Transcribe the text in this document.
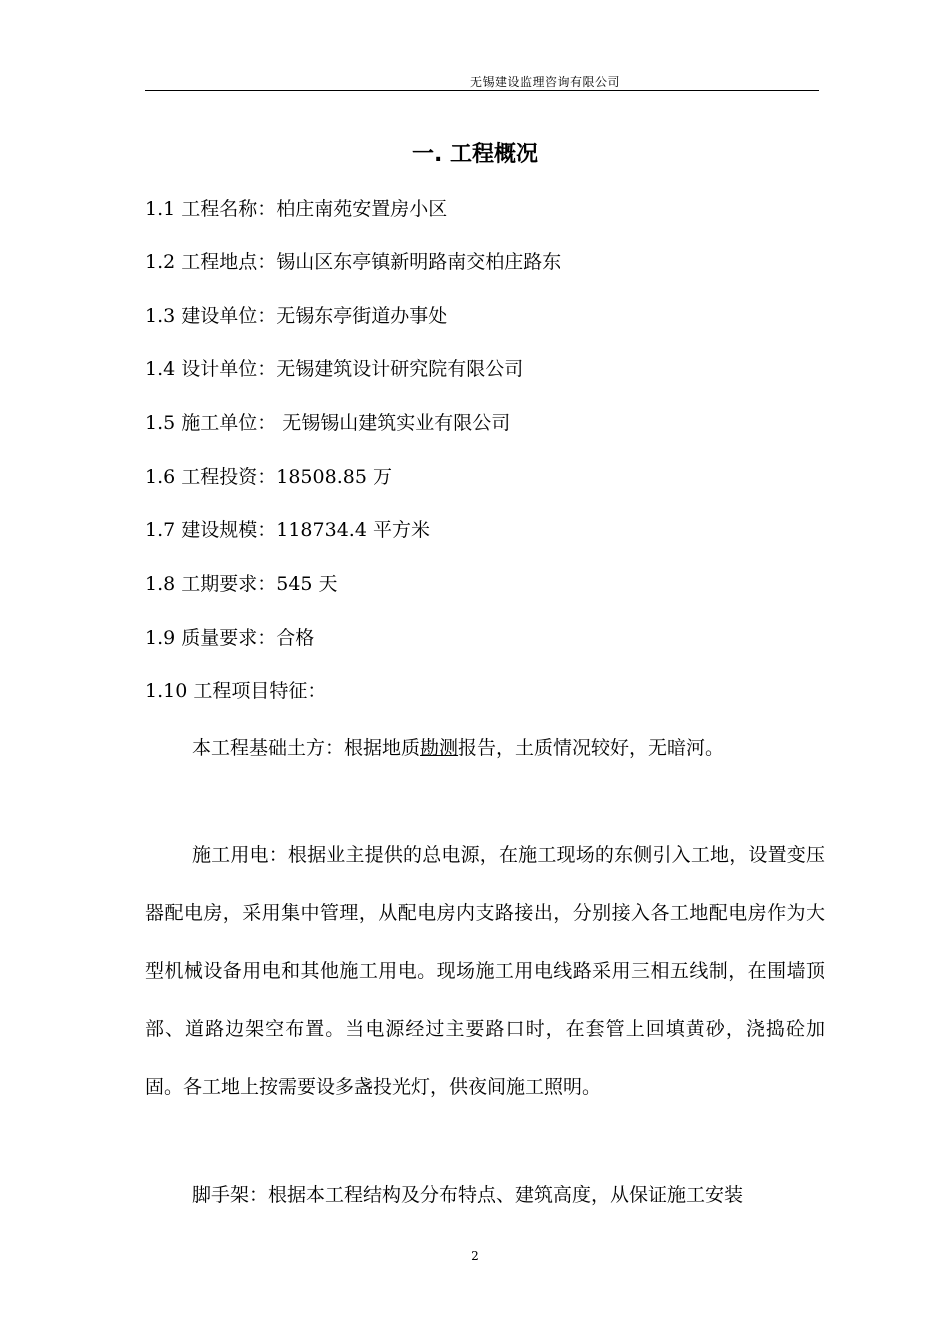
无锡建设监理咨询有限公司
一. 工程概况
1.1 工程名称：柏庄南苑安置房小区
1.2 工程地点：锡山区东亭镇新明路南交柏庄路东
1.3 建设单位：无锡东亭街道办事处
1.4 设计单位：无锡建筑设计研究院有限公司
1.5 施工单位： 无锡锡山建筑实业有限公司
1.6 工程投资：18508.85 万
1.7 建设规模：118734.4 平方米
1.8 工期要求：545 天
1.9 质量要求：合格
1.10 工程项目特征：

本工程基础土方：根据地质勘测报告，土质情况较好，无暗河。

施工用电：根据业主提供的总电源，在施工现场的东侧引入工地，设置变压器配电房，采用集中管理，从配电房内支路接出，分别接入各工地配电房作为大型机械设备用电和其他施工用电。现场施工用电线路采用三相五线制，在围墙顶部、道路边架空布置。当电源经过主要路口时，在套管上回填黄砂，浇捣砼加固。各工地上按需要设多盏投光灯，供夜间施工照明。

脚手架：根据本工程结构及分布特点、建筑高度，从保证施工安装

2
